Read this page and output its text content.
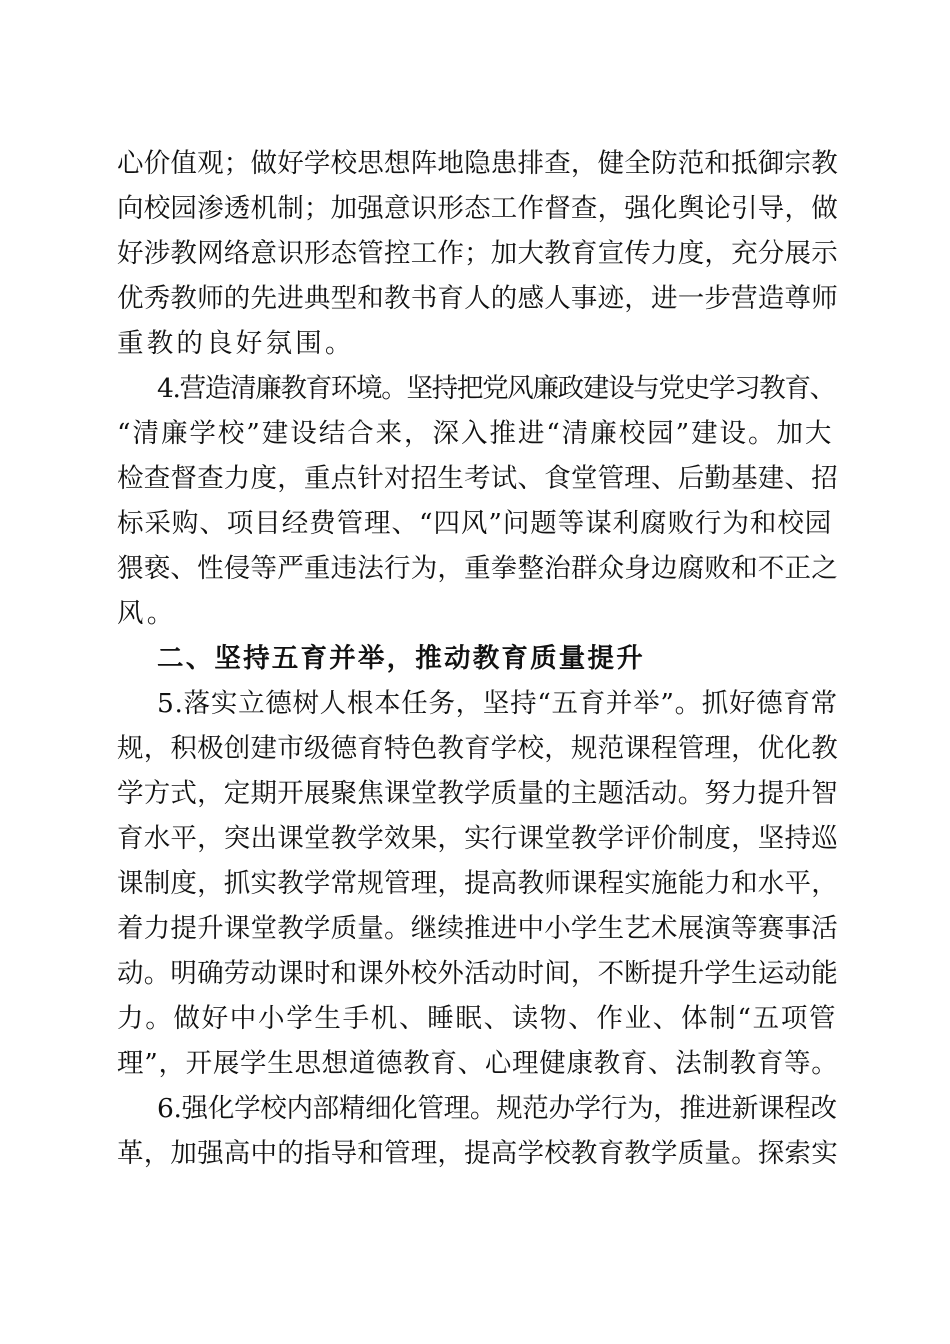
心价值观；做好学校思想阵地隐患排查，健全防范和抵御宗教

向校园渗透机制；加强意识形态工作督查，强化舆论引导，做

好涉教网络意识形态管控工作；加大教育宣传力度，充分展示

优秀教师的先进典型和教书育人的感人事迹，进一步营造尊师

重教的良好氛围。

4.营造清廉教育环境。坚持把党风廉政建设与党史学习教育、

“清廉学校”建设结合来，深入推进“清廉校园”建设。加大

检查督查力度，重点针对招生考试、食堂管理、后勤基建、招

标采购、项目经费管理、“四风”问题等谋利腐败行为和校园

猥亵、性侵等严重违法行为，重拳整治群众身边腐败和不正之

风。

二、坚持五育并举，推动教育质量提升

5.落实立德树人根本任务，坚持“五育并举”。抓好德育常

规，积极创建市级德育特色教育学校，规范课程管理，优化教

学方式，定期开展聚焦课堂教学质量的主题活动。努力提升智

育水平，突出课堂教学效果，实行课堂教学评价制度，坚持巡

课制度，抓实教学常规管理，提高教师课程实施能力和水平，

着力提升课堂教学质量。继续推进中小学生艺术展演等赛事活

动。明确劳动课时和课外校外活动时间，不断提升学生运动能

力。做好中小学生手机、睡眠、读物、作业、体制“五项管

理”，开展学生思想道德教育、心理健康教育、法制教育等。

6.强化学校内部精细化管理。规范办学行为，推进新课程改

革，加强高中的指导和管理，提高学校教育教学质量。探索实
